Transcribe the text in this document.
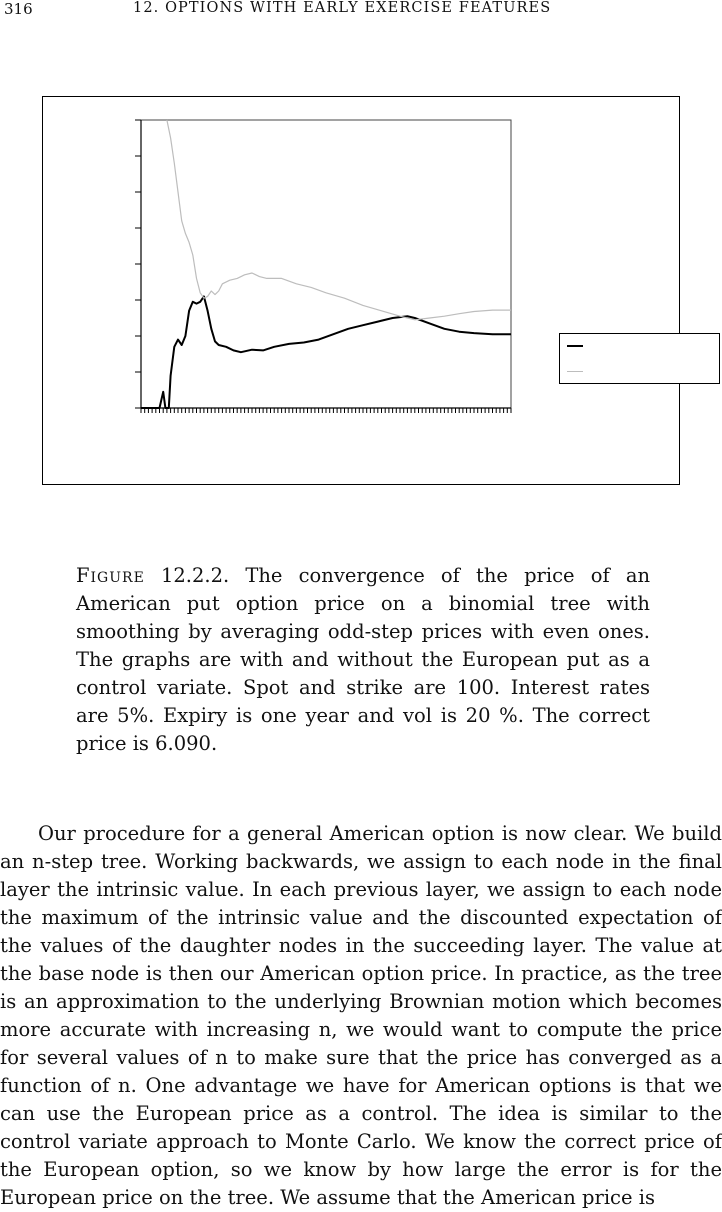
316	12. OPTIONS WITH EARLY EXERCISE FEATURES
Figure 12.2.2. The convergence of the price of an American put option price on a binomial tree with smoothing by averaging odd-step prices with even ones. The graphs are with and without the European put as a control variate. Spot and strike are 100. Interest rates are 5%. Expiry is one year and vol is 20 %. The correct price is 6.090.

Our procedure for a general American option is now clear. We build an n-step tree. Working backwards, we assign to each node in the final layer the intrinsic value. In each previous layer, we assign to each node the maximum of the intrinsic value and the discounted expectation of the values of the daughter nodes in the succeeding layer. The value at the base node is then our American option price. In practice, as the tree is an approximation to the underlying Brownian motion which becomes more accurate with increasing n, we would want to compute the price for several values of n to make sure that the price has converged as a function of n. One advantage we have for American options is that we can use the European price as a control. The idea is similar to the control variate approach to Monte Carlo. We know the correct price of the European option, so we know by how large the error is for the European price on the tree. We assume that the American price is
